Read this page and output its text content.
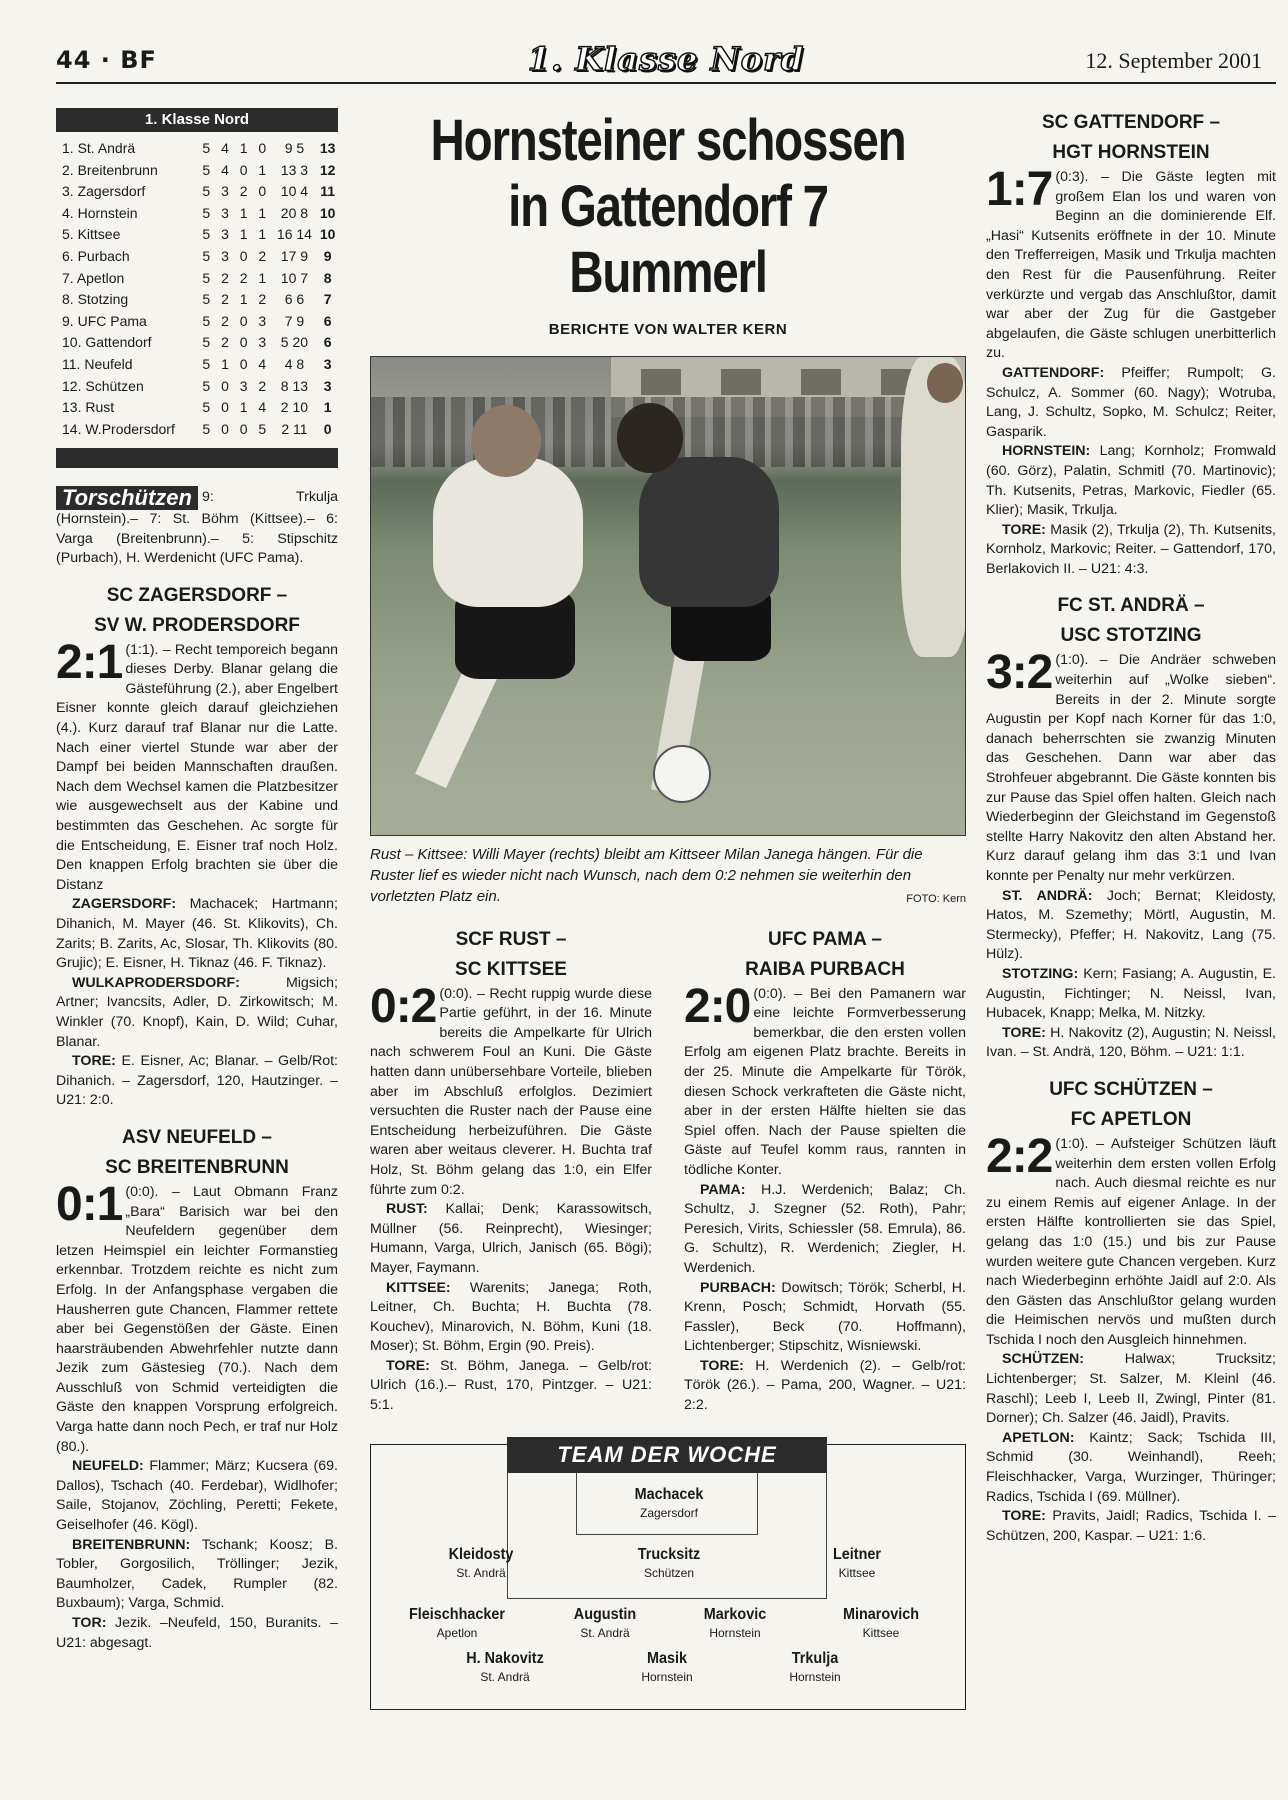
44 · BF	1. Klasse Nord	12. September 2001
1. Klasse Nord
1. St. Andrä	5	4	1	0	9 5	13
2. Breitenbrunn	5	4	0	1	13 3	12
3. Zagersdorf	5	3	2	0	10 4	11
4. Hornstein	5	3	1	1	20 8	10
5. Kittsee	5	3	1	1	16 14	10
6. Purbach	5	3	0	2	17 9	9
7. Apetlon	5	2	2	1	10 7	8
8. Stotzing	5	2	1	2	6 6	7
9. UFC Pama	5	2	0	3	7 9	6
10. Gattendorf	5	2	0	3	5 20	6
11. Neufeld	5	1	0	4	4 8	3
12. Schützen	5	0	3	2	8 13	3
13. Rust	5	0	1	4	2 10	1
14. W.Prodersdorf	5	0	0	5	2 11	0
Torschützen 9: Trkulja (Hornstein).– 7: St. Böhm (Kittsee).– 6: Varga (Breitenbrunn).– 5: Stipschitz (Purbach), H. Werdenicht (UFC Pama).
SC ZAGERSDORF –
SV W. PRODERSDORF

2:1 (1:1). – Recht temporeich begann dieses Derby. Blanar gelang die Gästeführung (2.), aber Engelbert Eisner konnte gleich darauf gleichziehen (4.). Kurz darauf traf Blanar nur die Latte. Nach einer viertel Stunde war aber der Dampf bei beiden Mannschaften draußen. Nach dem Wechsel kamen die Platzbesitzer wie ausgewechselt aus der Kabine und bestimmten das Geschehen. Ac sorgte für die Entscheidung, E. Eisner traf noch Holz. Den knappen Erfolg brachten sie über die Distanz

ZAGERSDORF: Machacek; Hartmann; Dihanich, M. Mayer (46. St. Klikovits), Ch. Zarits; B. Zarits, Ac, Slosar, Th. Klikovits (80. Grujic); E. Eisner, H. Tiknaz (46. F. Tiknaz).

WULKAPRODERSDORF: Migsich; Artner; Ivancsits, Adler, D. Zirkowitsch; M. Winkler (70. Knopf), Kain, D. Wild; Cuhar, Blanar.

TORE: E. Eisner, Ac; Blanar. – Gelb/Rot: Dihanich. – Zagersdorf, 120, Hautzinger. – U21: 2:0.

ASV NEUFELD –
SC BREITENBRUNN

0:1 (0:0). – Laut Obmann Franz „Bara“ Barisich war bei den Neufeldern gegenüber dem letzen Heimspiel ein leichter Formanstieg erkennbar. Trotzdem reichte es nicht zum Erfolg. In der Anfangsphase vergaben die Hausherren gute Chancen, Flammer rettete aber bei Gegenstößen der Gäste. Einen haarsträubenden Abwehrfehler nutzte dann Jezik zum Gästesieg (70.). Nach dem Ausschluß von Schmid verteidigten die Gäste den knappen Vorsprung erfolgreich. Varga hatte dann noch Pech, er traf nur Holz (80.).

NEUFELD: Flammer; März; Kucsera (69. Dallos), Tschach (40. Ferdebar), Widlhofer; Saile, Stojanov, Zöchling, Peretti; Fekete, Geiselhofer (46. Kögl).

BREITENBRUNN: Tschank; Koosz; B. Tobler, Gorgosilich, Tröllinger; Jezik, Baumholzer, Cadek, Rumpler (82. Buxbaum); Varga, Schmid.

TOR: Jezik. –Neufeld, 150, Buranits. – U21: abgesagt.

Hornsteiner schossen in Gattendorf 7 Bummerl
BERICHTE VON WALTER KERN

Rust – Kittsee: Willi Mayer (rechts) bleibt am Kittseer Milan Janega hängen. Für die Ruster lief es wieder nicht nach Wunsch, nach dem 0:2 nehmen sie weiterhin den vorletzten Platz ein.	FOTO: Kern

SCF RUST –
SC KITTSEE

0:2 (0:0). – Recht ruppig wurde diese Partie geführt, in der 16. Minute bereits die Ampelkarte für Ulrich nach schwerem Foul an Kuni. Die Gäste hatten dann unübersehbare Vorteile, blieben aber im Abschluß erfolglos. Dezimiert versuchten die Ruster nach der Pause eine Entscheidung herbeizuführen. Die Gäste waren aber weitaus cleverer. H. Buchta traf Holz, St. Böhm gelang das 1:0, ein Elfer führte zum 0:2.

RUST: Kallai; Denk; Karassowitsch, Müllner (56. Reinprecht), Wiesinger; Humann, Varga, Ulrich, Janisch (65. Bögi); Mayer, Faymann.

KITTSEE: Warenits; Janega; Roth, Leitner, Ch. Buchta; H. Buchta (78. Kouchev), Minarovich, N. Böhm, Kuni (18. Moser); St. Böhm, Ergin (90. Preis).

TORE: St. Böhm, Janega. – Gelb/rot: Ulrich (16.).– Rust, 170, Pintzger. – U21: 5:1.

UFC PAMA –
RAIBA PURBACH

2:0 (0:0). – Bei den Pamanern war eine leichte Formverbesserung bemerkbar, die den ersten vollen Erfolg am eigenen Platz brachte. Bereits in der 25. Minute die Ampelkarte für Török, diesen Schock verkrafteten die Gäste nicht, aber in der ersten Hälfte hielten sie das Spiel offen. Nach der Pause spielten die Gäste auf Teufel komm raus, rannten in tödliche Konter.

PAMA: H.J. Werdenich; Balaz; Ch. Schultz, J. Szegner (52. Roth), Pahr; Peresich, Virits, Schiessler (58. Emrula), 86. G. Schultz), R. Werdenich; Ziegler, H. Werdenich.

PURBACH: Dowitsch; Török; Scherbl, H. Krenn, Posch; Schmidt, Horvath (55. Fassler), Beck (70. Hoffmann), Lichtenberger; Stipschitz, Wisniewski.

TORE: H. Werdenich (2). – Gelb/rot: Török (26.). – Pama, 200, Wagner. – U21: 2:2.

TEAM DER WOCHE
Machacek
Zagersdorf
Kleidosty
St. Andrä
Trucksitz
Schützen
Leitner
Kittsee
Fleischhacker
Apetlon
Augustin
St. Andrä
Markovic
Hornstein
Minarovich
Kittsee
H. Nakovitz
St. Andrä
Masik
Hornstein
Trkulja
Hornstein
SC GATTENDORF –
HGT HORNSTEIN

1:7 (0:3). – Die Gäste legten mit großem Elan los und waren von Beginn an die dominierende Elf. „Hasi“ Kutsenits eröffnete in der 10. Minute den Trefferreigen, Masik und Trkulja machten den Rest für die Pausenführung. Reiter verkürzte und vergab das Anschlußtor, damit war aber der Zug für die Gastgeber abgelaufen, die Gäste schlugen unerbitterlich zu.

GATTENDORF: Pfeiffer; Rumpolt; G. Schulcz, A. Sommer (60. Nagy); Wotruba, Lang, J. Schultz, Sopko, M. Schulcz; Reiter, Gasparik.

HORNSTEIN: Lang; Kornholz; Fromwald (60. Görz), Palatin, Schmitl (70. Martinovic); Th. Kutsenits, Petras, Markovic, Fiedler (65. Klier); Masik, Trkulja.

TORE: Masik (2), Trkulja (2), Th. Kutsenits, Kornholz, Markovic; Reiter. – Gattendorf, 170, Berlakovich II. – U21: 4:3.

FC ST. ANDRÄ –
USC STOTZING

3:2 (1:0). – Die Andräer schweben weiterhin auf „Wolke sieben“. Bereits in der 2. Minute sorgte Augustin per Kopf nach Korner für das 1:0, danach beherrschten sie zwanzig Minuten das Geschehen. Dann war aber das Strohfeuer abgebrannt. Die Gäste konnten bis zur Pause das Spiel offen halten. Gleich nach Wiederbeginn der Gleichstand im Gegenstoß stellte Harry Nakovitz den alten Abstand her. Kurz darauf gelang ihm das 3:1 und Ivan konnte per Penalty nur mehr verkürzen.

ST. ANDRÄ: Joch; Bernat; Kleidosty, Hatos, M. Szemethy; Mörtl, Augustin, M. Stermecky), Pfeffer; H. Nakovitz, Lang (75. Hülz).

STOTZING: Kern; Fasiang; A. Augustin, E. Augustin, Fichtinger; N. Neissl, Ivan, Hubacek, Knapp; Melka, M. Nitzky.

TORE: H. Nakovitz (2), Augustin; N. Neissl, Ivan. – St. Andrä, 120, Böhm. – U21: 1:1.

UFC SCHÜTZEN –
FC APETLON

2:2 (1:0). – Aufsteiger Schützen läuft weiterhin dem ersten vollen Erfolg nach. Auch diesmal reichte es nur zu einem Remis auf eigener Anlage. In der ersten Hälfte kontrollierten sie das Spiel, gelang das 1:0 (15.) und bis zur Pause wurden weitere gute Chancen vergeben. Kurz nach Wiederbeginn erhöhte Jaidl auf 2:0. Als den Gästen das Anschlußtor gelang wurden die Heimischen nervös und mußten durch Tschida I noch den Ausgleich hinnehmen.

SCHÜTZEN: Halwax; Trucksitz; Lichtenberger; St. Salzer, M. Kleinl (46. Raschl); Leeb I, Leeb II, Zwingl, Pinter (81. Dorner); Ch. Salzer (46. Jaidl), Pravits.

APETLON: Kaintz; Sack; Tschida III, Schmid (30. Weinhandl), Reeh; Fleischhacker, Varga, Wurzinger, Thüringer; Radics, Tschida I (69. Müllner).

TORE: Pravits, Jaidl; Radics, Tschida I. – Schützen, 200, Kaspar. – U21: 1:6.
